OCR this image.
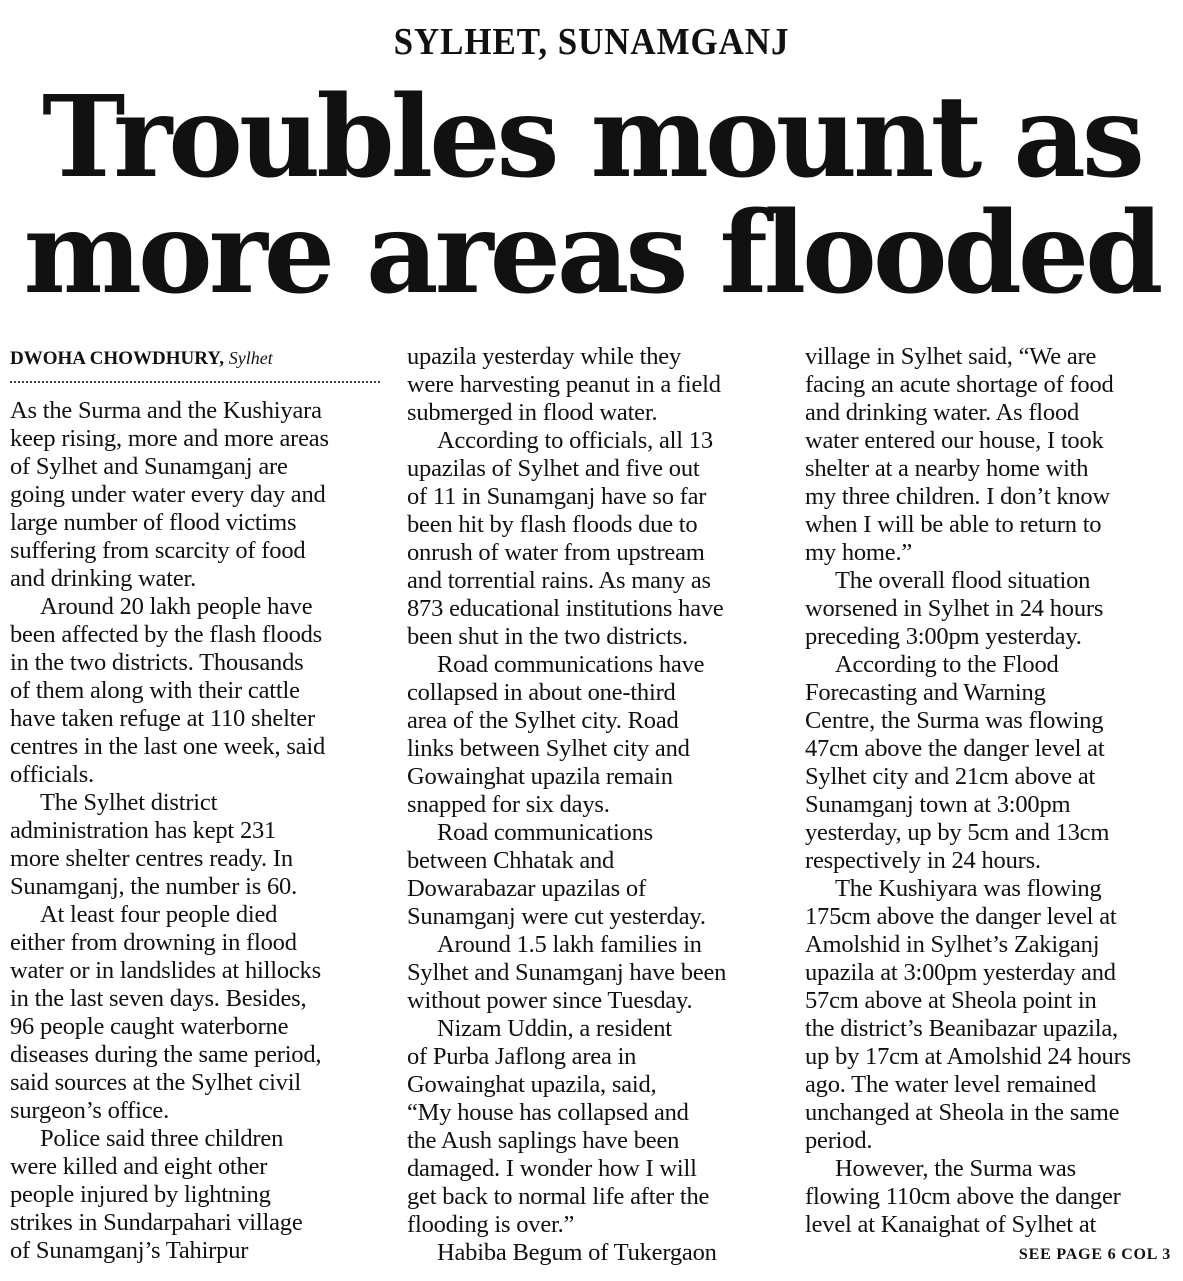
SYLHET, SUNAMGANJ
Troubles mount as
more areas flooded
DWOHA CHOWDHURY, Sylhet
As the Surma and the Kushiyara
keep rising, more and more areas
of Sylhet and Sunamganj are
going under water every day and
large number of flood victims
suffering from scarcity of food
and drinking water.
Around 20 lakh people have
been affected by the flash floods
in the two districts. Thousands
of them along with their cattle
have taken refuge at 110 shelter
centres in the last one week, said
officials.
The Sylhet district
administration has kept 231
more shelter centres ready. In
Sunamganj, the number is 60.
At least four people died
either from drowning in flood
water or in landslides at hillocks
in the last seven days. Besides,
96 people caught waterborne
diseases during the same period,
said sources at the Sylhet civil
surgeon’s office.
Police said three children
were killed and eight other
people injured by lightning
strikes in Sundarpahari village
of Sunamganj’s Tahirpur
upazila yesterday while they
were harvesting peanut in a field
submerged in flood water.
According to officials, all 13
upazilas of Sylhet and five out
of 11 in Sunamganj have so far
been hit by flash floods due to
onrush of water from upstream
and torrential rains. As many as
873 educational institutions have
been shut in the two districts.
Road communications have
collapsed in about one-third
area of the Sylhet city. Road
links between Sylhet city and
Gowainghat upazila remain
snapped for six days.
Road communications
between Chhatak and
Dowarabazar upazilas of
Sunamganj were cut yesterday.
Around 1.5 lakh families in
Sylhet and Sunamganj have been
without power since Tuesday.
Nizam Uddin, a resident
of Purba Jaflong area in
Gowainghat upazila, said,
“My house has collapsed and
the Aush saplings have been
damaged. I wonder how I will
get back to normal life after the
flooding is over.”
Habiba Begum of Tukergaon
village in Sylhet said, “We are
facing an acute shortage of food
and drinking water. As flood
water entered our house, I took
shelter at a nearby home with
my three children. I don’t know
when I will be able to return to
my home.”
The overall flood situation
worsened in Sylhet in 24 hours
preceding 3:00pm yesterday.
According to the Flood
Forecasting and Warning
Centre, the Surma was flowing
47cm above the danger level at
Sylhet city and 21cm above at
Sunamganj town at 3:00pm
yesterday, up by 5cm and 13cm
respectively in 24 hours.
The Kushiyara was flowing
175cm above the danger level at
Amolshid in Sylhet’s Zakiganj
upazila at 3:00pm yesterday and
57cm above at Sheola point in
the district’s Beanibazar upazila,
up by 17cm at Amolshid 24 hours
ago. The water level remained
unchanged at Sheola in the same
period.
However, the Surma was
flowing 110cm above the danger
level at Kanaighat of Sylhet at
SEE PAGE 6 COL 3
